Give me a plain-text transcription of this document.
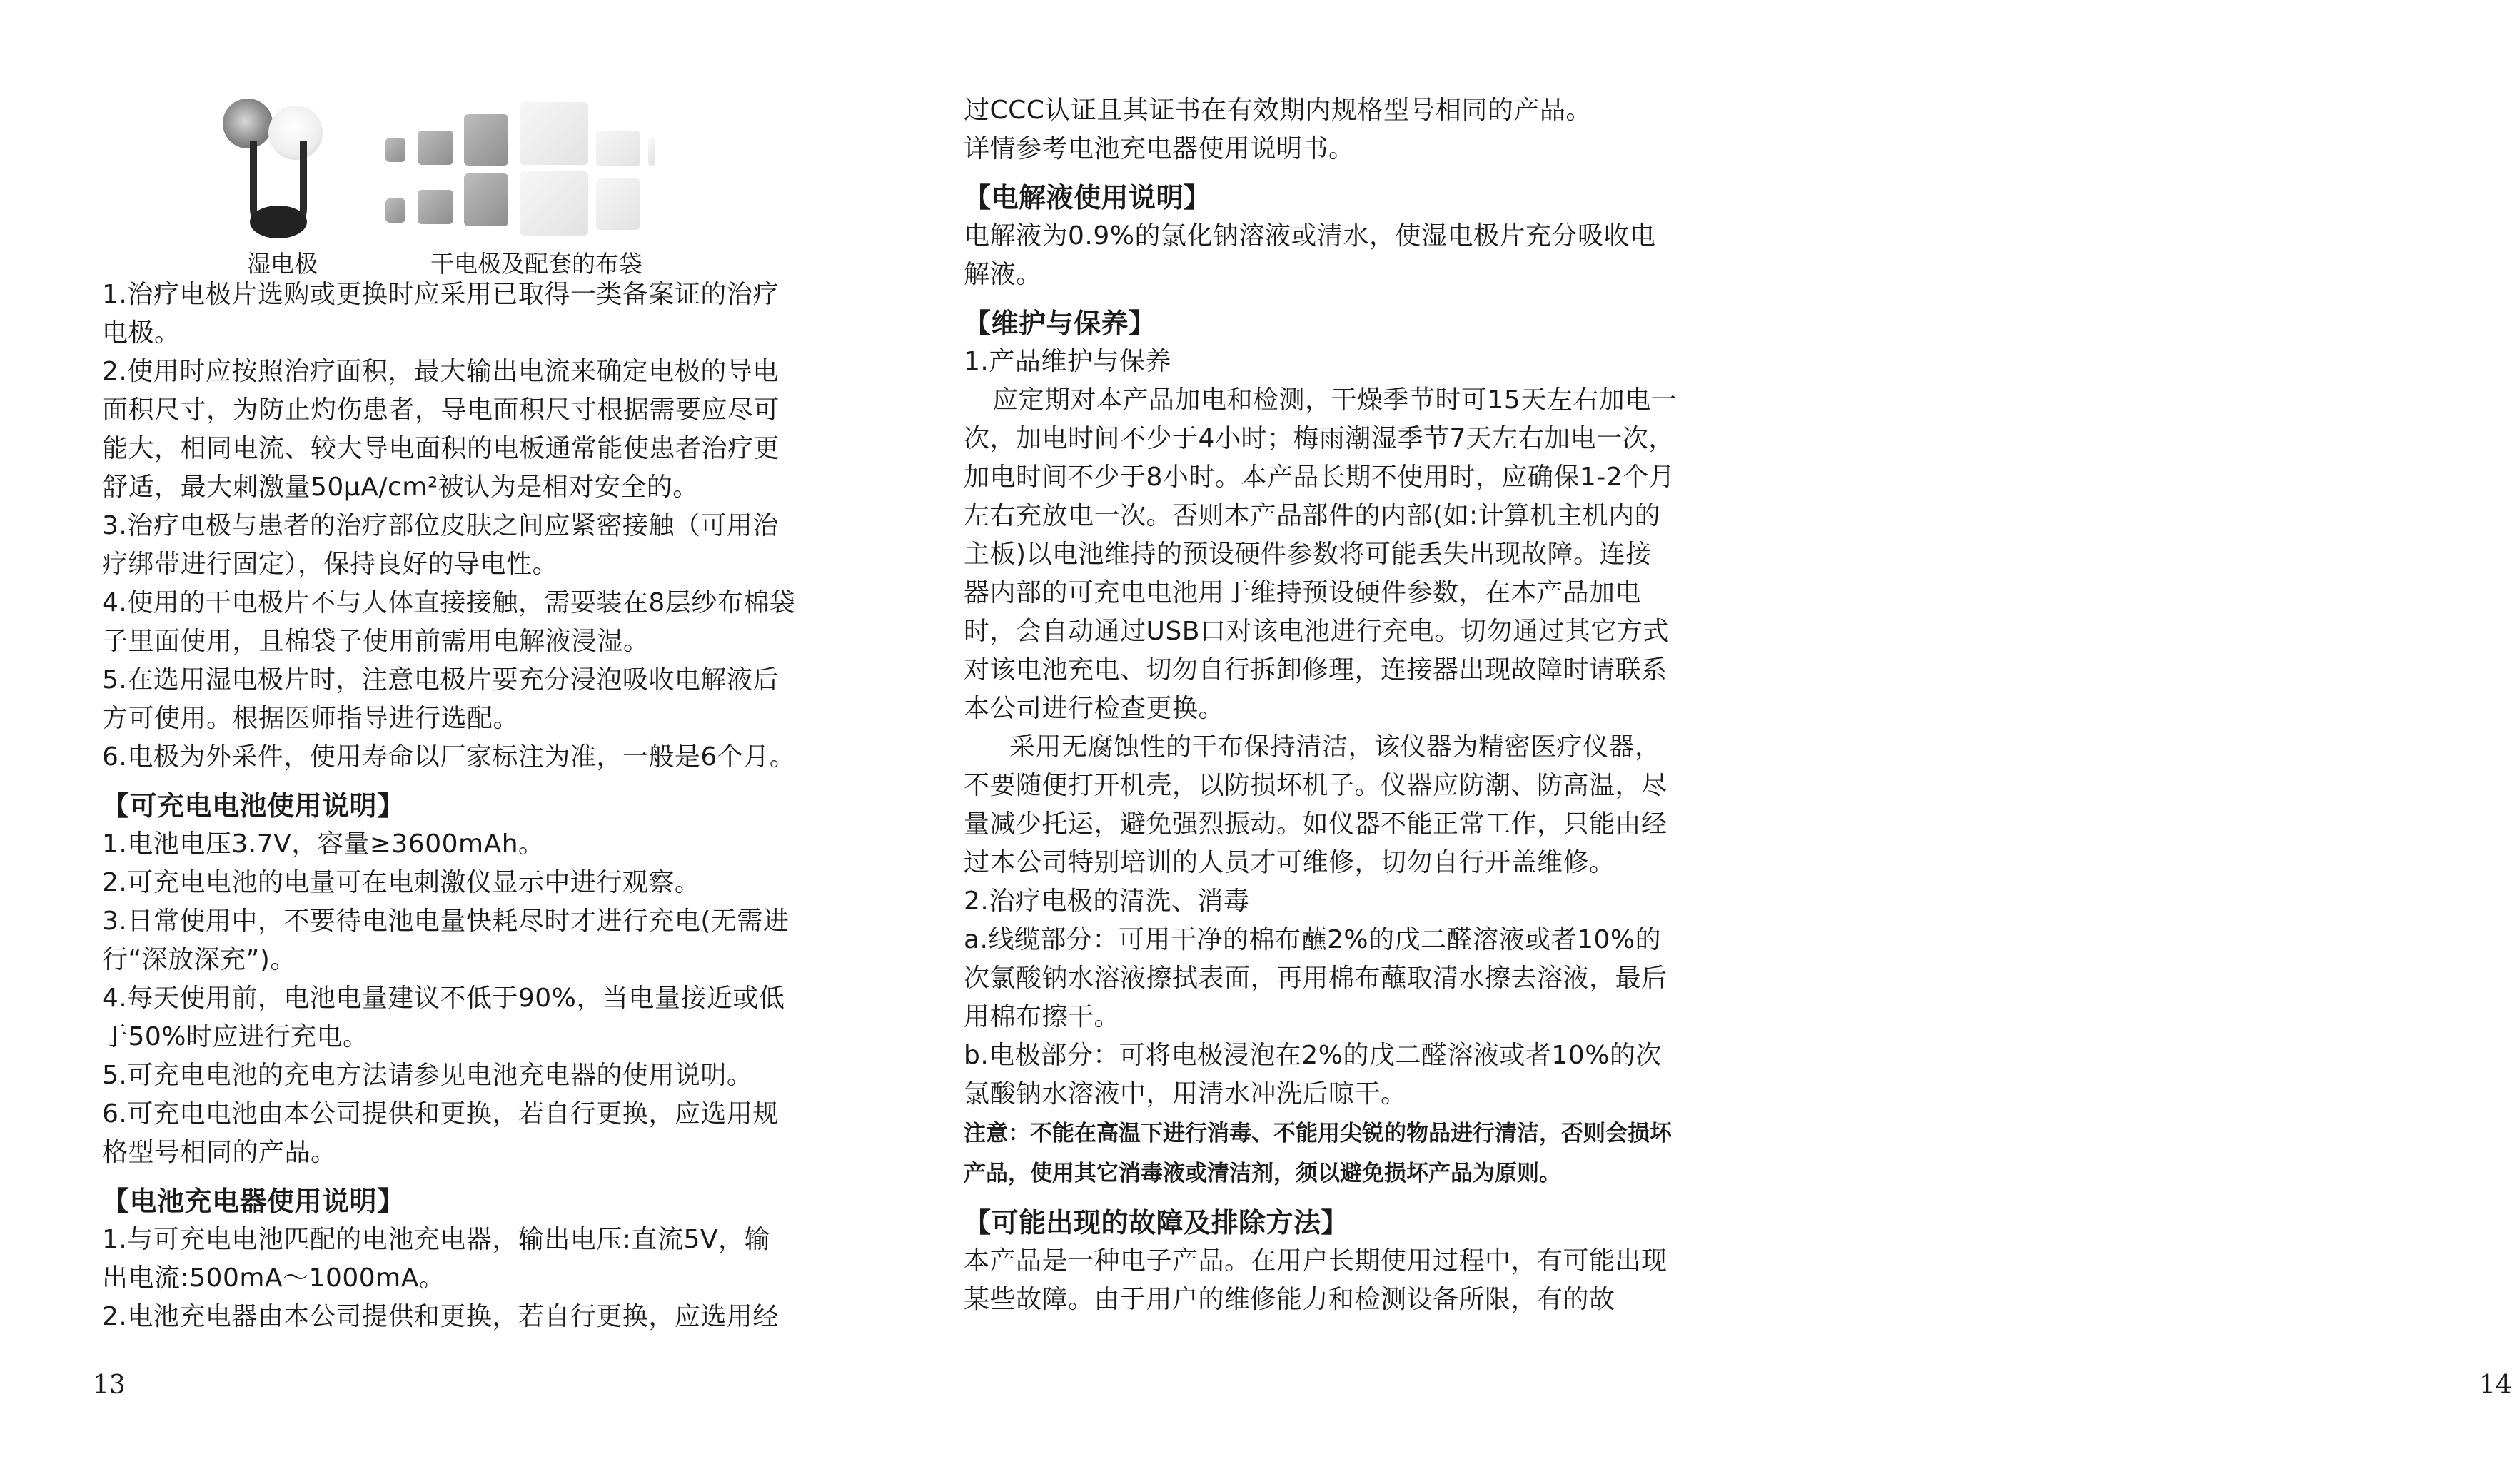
湿电极	干电极及配套的布袋

1.治疗电极片选购或更换时应采用已取得一类备案证的治疗电极。

2.使用时应按照治疗面积，最大输出电流来确定电极的导电面积尺寸，为防止灼伤患者，导电面积尺寸根据需要应尽可能大，相同电流、较大导电面积的电板通常能使患者治疗更舒适，最大刺激量50μA/cm²被认为是相对安全的。

3.治疗电极与患者的治疗部位皮肤之间应紧密接触（可用治疗绑带进行固定），保持良好的导电性。

4.使用的干电极片不与人体直接接触，需要装在8层纱布棉袋子里面使用，且棉袋子使用前需用电解液浸湿。

5.在选用湿电极片时，注意电极片要充分浸泡吸收电解液后方可使用。根据医师指导进行选配。

6.电极为外采件，使用寿命以厂家标注为准，一般是6个月。

【可充电电池使用说明】

1.电池电压3.7V，容量≥3600mAh。

2.可充电电池的电量可在电刺激仪显示中进行观察。

3.日常使用中，不要待电池电量快耗尽时才进行充电(无需进行“深放深充”)。

4.每天使用前，电池电量建议不低于90%，当电量接近或低于50%时应进行充电。

5.可充电电池的充电方法请参见电池充电器的使用说明。

6.可充电电池由本公司提供和更换，若自行更换，应选用规格型号相同的产品。

【电池充电器使用说明】

1.与可充电电池匹配的电池充电器，输出电压:直流5V，输出电流:500mA～1000mA。

2.电池充电器由本公司提供和更换，若自行更换，应选用经

13

过CCC认证且其证书在有效期内规格型号相同的产品。

详情参考电池充电器使用说明书。

【电解液使用说明】

电解液为0.9%的氯化钠溶液或清水，使湿电极片充分吸收电解液。

【维护与保养】

1.产品维护与保养

应定期对本产品加电和检测，干燥季节时可15天左右加电一次，加电时间不少于4小时；梅雨潮湿季节7天左右加电一次，加电时间不少于8小时。本产品长期不使用时，应确保1-2个月左右充放电一次。否则本产品部件的内部(如:计算机主机内的主板)以电池维持的预设硬件参数将可能丢失出现故障。连接器内部的可充电电池用于维持预设硬件参数，在本产品加电时，会自动通过USB口对该电池进行充电。切勿通过其它方式对该电池充电、切勿自行拆卸修理，连接器出现故障时请联系本公司进行检查更换。

采用无腐蚀性的干布保持清洁，该仪器为精密医疗仪器，不要随便打开机壳，以防损坏机子。仪器应防潮、防高温，尽量减少托运，避免强烈振动。如仪器不能正常工作，只能由经过本公司特别培训的人员才可维修，切勿自行开盖维修。

2.治疗电极的清洗、消毒

a.线缆部分：可用干净的棉布蘸2%的戊二醛溶液或者10%的次氯酸钠水溶液擦拭表面，再用棉布蘸取清水擦去溶液，最后用棉布擦干。

b.电极部分：可将电极浸泡在2%的戊二醛溶液或者10%的次氯酸钠水溶液中，用清水冲洗后晾干。

注意：不能在高温下进行消毒、不能用尖锐的物品进行清洁，否则会损坏产品，使用其它消毒液或清洁剂，须以避免损坏产品为原则。

【可能出现的故障及排除方法】

本产品是一种电子产品。在用户长期使用过程中，有可能出现某些故障。由于用户的维修能力和检测设备所限，有的故

14
